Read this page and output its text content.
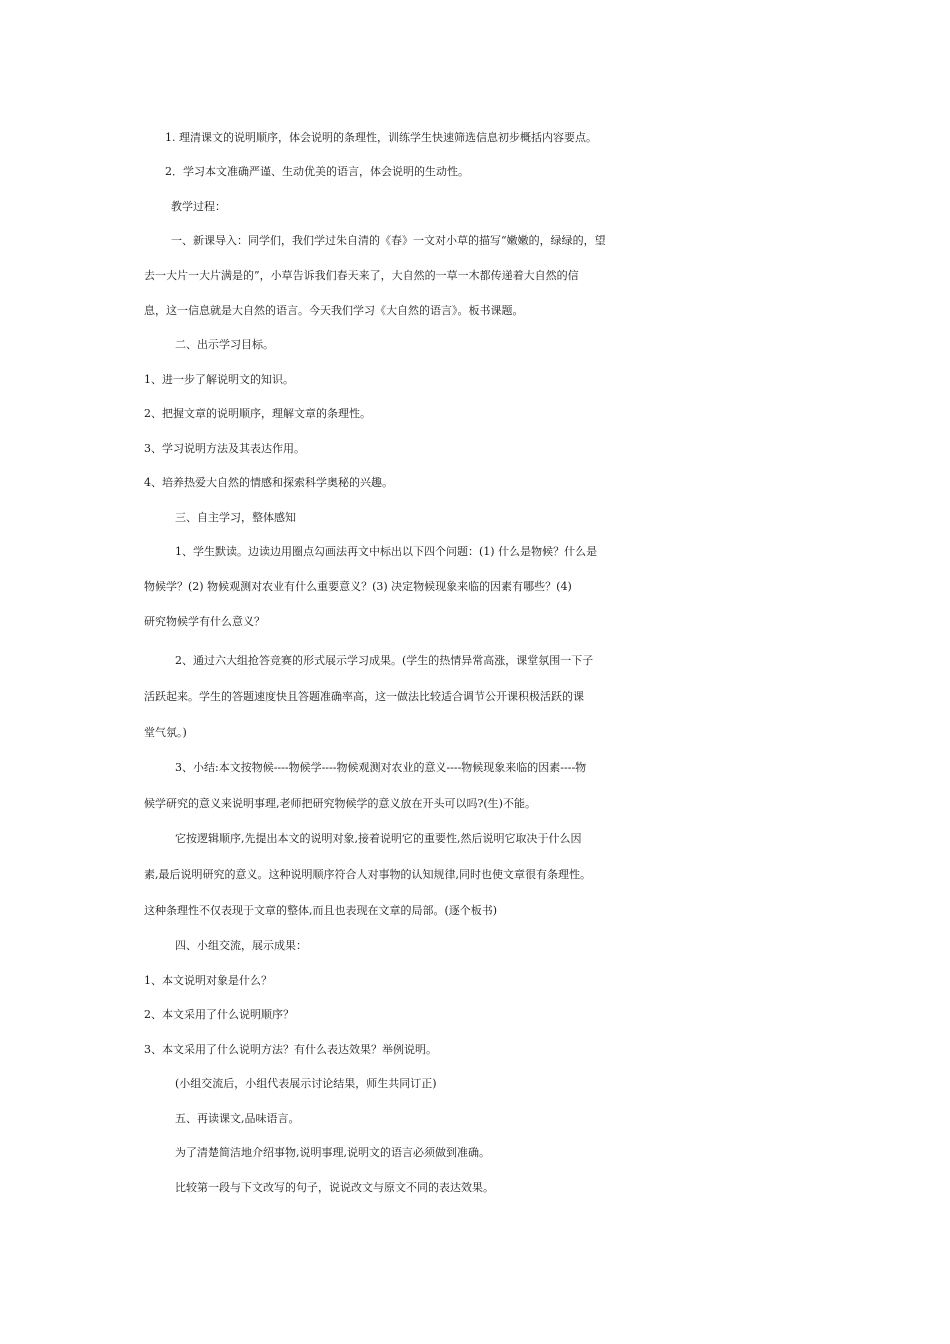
1. 理清课文的说明顺序，体会说明的条理性，训练学生快速筛选信息初步概括内容要点。
2．学习本文准确严谨、生动优美的语言，体会说明的生动性。
教学过程：
一、新课导入：同学们，我们学过朱自清的《春》一文对小草的描写“嫩嫩的，绿绿的，望
去一大片一大片满是的”，小草告诉我们春天来了，大自然的一草一木都传递着大自然的信
息，这一信息就是大自然的语言。今天我们学习《大自然的语言》。板书课题。
二、出示学习目标。
1、进一步了解说明文的知识。
2、把握文章的说明顺序，理解文章的条理性。
3、学习说明方法及其表达作用。
4、培养热爱大自然的情感和探索科学奥秘的兴趣。
三、自主学习，整体感知
1、学生默读。边读边用圈点勾画法再文中标出以下四个问题：(1) 什么是物候？什么是
物候学？(2) 物候观测对农业有什么重要意义？(3) 决定物候现象来临的因素有哪些？(4)
研究物候学有什么意义？
2、通过六大组抢答竞赛的形式展示学习成果。(学生的热情异常高涨，课堂氛围一下子
活跃起来。学生的答题速度快且答题准确率高，这一做法比较适合调节公开课积极活跃的课
堂气氛。)
3、小结:本文按物候----物候学----物候观测对农业的意义----物候现象来临的因素----物
候学研究的意义来说明事理,老师把研究物候学的意义放在开头可以吗?(生)不能。
它按逻辑顺序,先提出本文的说明对象,接着说明它的重要性,然后说明它取决于什么因
素,最后说明研究的意义。这种说明顺序符合人对事物的认知规律,同时也使文章很有条理性。
这种条理性不仅表现于文章的整体,而且也表现在文章的局部。(逐个板书)
四、小组交流，展示成果：
1、本文说明对象是什么？
2、本文采用了什么说明顺序？
3、本文采用了什么说明方法？有什么表达效果？举例说明。
(小组交流后，小组代表展示讨论结果，师生共同订正)
五、再读课文,品味语言。
为了清楚简洁地介绍事物,说明事理,说明文的语言必须做到准确。
比较第一段与下文改写的句子，说说改文与原文不同的表达效果。
